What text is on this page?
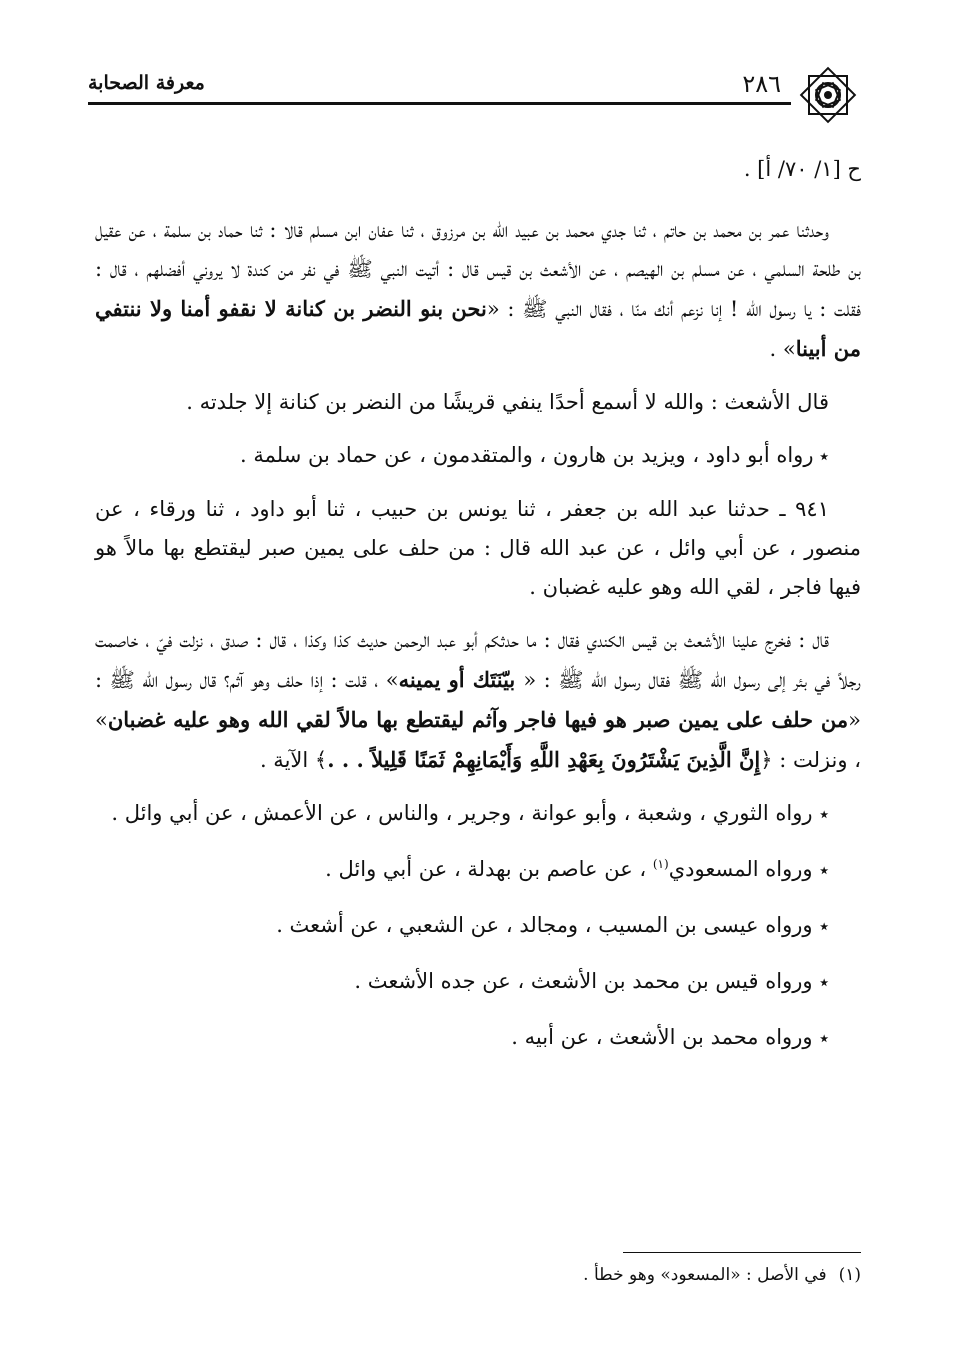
٢٨٦
معرفة الصحابة

ح [١/ ٧٠/ أ] .

وحدثنا عمر بن محمد بن حاتم ، ثنا جدي محمد بن عبيد الله بن مرزوق ، ثنا عفان ابن مسلم قالا : ثنا حماد بن سلمة ، عن عقيل بن طلحة السلمي ، عن مسلم بن الهيصم ، عن الأشعث بن قيس قال : أتيت النبي ﷺ في نفر من كندة لا يروني أفضلهم ، قال : فقلت : يا رسول الله ! إنا نزعم أنك منّا ، فقال النبي ﷺ : «نحن بنو النضر بن كنانة لا نقفو أمنا ولا ننتفي من أبينا» .

قال الأشعث : والله لا أسمع أحدًا ينفي قريشًا من النضر بن كنانة إلا جلدته .

٭ رواه أبو داود ، ويزيد بن هارون ، والمتقدمون ، عن حماد بن سلمة .

٩٤١ ـ حدثنا عبد الله بن جعفر ، ثنا يونس بن حبيب ، ثنا أبو داود ، ثنا ورقاء ، عن منصور ، عن أبي وائل ، عن عبد الله قال : من حلف على يمين صبر ليقتطع بها مالاً هو فيها فاجر ، لقي الله وهو عليه غضبان .

قال : فخرج علينا الأشعث بن قيس الكندي فقال : ما حدثكم أبو عبد الرحمن حديث كذا وكذا ، قال : صدق ، نزلت فيّ ، خاصمت رجلاً في بئر إلى رسول الله ﷺ فقال رسول الله ﷺ : « بيّنَتَك أو يمينه» ، قلت : إذا حلف وهو آثم؟ قال رسول الله ﷺ : «من حلف على يمين صبر هو فيها فاجر وآثم ليقتطع بها مالاً لقي الله وهو عليه غضبان» ، ونزلت : ﴿إِنَّ الَّذِينَ يَشْتَرُونَ بِعَهْدِ اللَّهِ وَأَيْمَانِهِمْ ثَمَنًا قَلِيلاً . . .﴾ الآية .

٭ رواه الثوري ، وشعبة ، وأبو عوانة ، وجرير ، والناس ، عن الأعمش ، عن أبي وائل .

٭ ورواه المسعودي$^{(١)}$ ، عن عاصم بن بهدلة ، عن أبي وائل .

٭ ورواه عيسى بن المسيب ، ومجالد ، عن الشعبي ، عن أشعث .

٭ ورواه قيس بن محمد بن الأشعث ، عن جده الأشعث .

٭ ورواه محمد بن الأشعث ، عن أبيه .

(١)في الأصل : «المسعود» وهو خطأ .
